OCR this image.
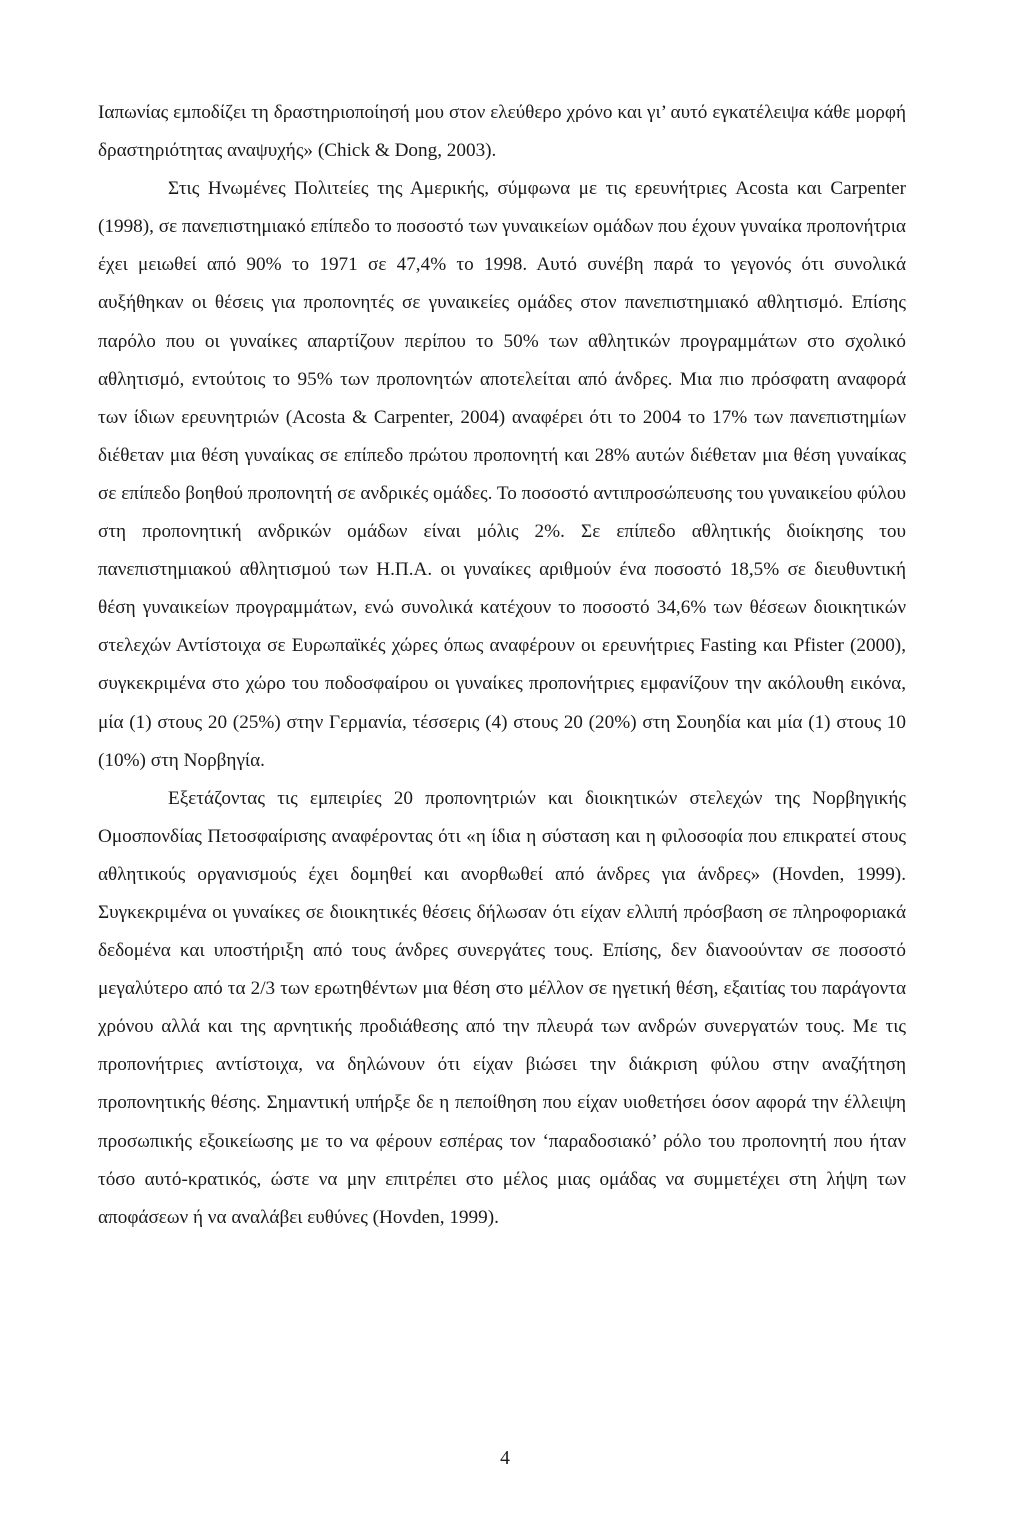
Ιαπωνίας εμποδίζει τη δραστηριοποίησή μου στον ελεύθερο χρόνο και γι’ αυτό εγκατέλειψα κάθε μορφή δραστηριότητας αναψυχής» (Chick & Dong, 2003).

Στις Ηνωμένες Πολιτείες της Αμερικής, σύμφωνα με τις ερευνήτριες Acosta και Carpenter (1998), σε πανεπιστημιακό επίπεδο το ποσοστό των γυναικείων ομάδων που έχουν γυναίκα προπονήτρια έχει μειωθεί από 90% το 1971 σε 47,4% το 1998. Αυτό συνέβη παρά το γεγονός ότι συνολικά αυξήθηκαν οι θέσεις για προπονητές σε γυναικείες ομάδες στον πανεπιστημιακό αθλητισμό. Επίσης παρόλο που οι γυναίκες απαρτίζουν περίπου το 50% των αθλητικών προγραμμάτων στο σχολικό αθλητισμό, εντούτοις το 95% των προπονητών αποτελείται από άνδρες. Μια πιο πρόσφατη αναφορά των ίδιων ερευνητριών (Acosta & Carpenter, 2004) αναφέρει ότι το 2004 το 17% των πανεπιστημίων διέθεταν μια θέση γυναίκας σε επίπεδο πρώτου προπονητή και 28% αυτών διέθεταν μια θέση γυναίκας σε επίπεδο βοηθού προπονητή σε ανδρικές ομάδες. Το ποσοστό αντιπροσώπευσης του γυναικείου φύλου στη προπονητική ανδρικών ομάδων είναι μόλις 2%. Σε επίπεδο αθλητικής διοίκησης του πανεπιστημιακού αθλητισμού των Η.Π.Α. οι γυναίκες αριθμούν ένα ποσοστό 18,5% σε διευθυντική θέση γυναικείων προγραμμάτων, ενώ συνολικά κατέχουν το ποσοστό 34,6% των θέσεων διοικητικών στελεχών Αντίστοιχα σε Ευρωπαϊκές χώρες όπως αναφέρουν οι ερευνήτριες Fasting και Pfister (2000), συγκεκριμένα στο χώρο του ποδοσφαίρου οι γυναίκες προπονήτριες εμφανίζουν την ακόλουθη εικόνα, μία (1) στους 20 (25%) στην Γερμανία, τέσσερις (4) στους 20 (20%) στη Σουηδία και μία (1) στους 10 (10%) στη Νορβηγία.

Εξετάζοντας τις εμπειρίες 20 προπονητριών και διοικητικών στελεχών της Νορβηγικής Ομοσπονδίας Πετοσφαίρισης αναφέροντας ότι «η ίδια η σύσταση και η φιλοσοφία που επικρατεί στους αθλητικούς οργανισμούς έχει δομηθεί και ανορθωθεί από άνδρες για άνδρες» (Hovden, 1999). Συγκεκριμένα οι γυναίκες σε διοικητικές θέσεις δήλωσαν ότι είχαν ελλιπή πρόσβαση σε πληροφοριακά δεδομένα και υποστήριξη από τους άνδρες συνεργάτες τους. Επίσης, δεν διανοούνταν σε ποσοστό μεγαλύτερο από τα 2/3 των ερωτηθέντων μια θέση στο μέλλον σε ηγετική θέση, εξαιτίας του παράγοντα χρόνου αλλά και της αρνητικής προδιάθεσης από την πλευρά των ανδρών συνεργατών τους. Με τις προπονήτριες αντίστοιχα, να δηλώνουν ότι είχαν βιώσει την διάκριση φύλου στην αναζήτηση προπονητικής θέσης. Σημαντική υπήρξε δε η πεποίθηση που είχαν υιοθετήσει όσον αφορά την έλλειψη προσωπικής εξοικείωσης με το να φέρουν εσπέρας τον ‘παραδοσιακό’ ρόλο του προπονητή που ήταν τόσο αυτό-κρατικός, ώστε να μην επιτρέπει στο μέλος μιας ομάδας να συμμετέχει στη λήψη των αποφάσεων ή να αναλάβει ευθύνες (Hovden, 1999).

4
